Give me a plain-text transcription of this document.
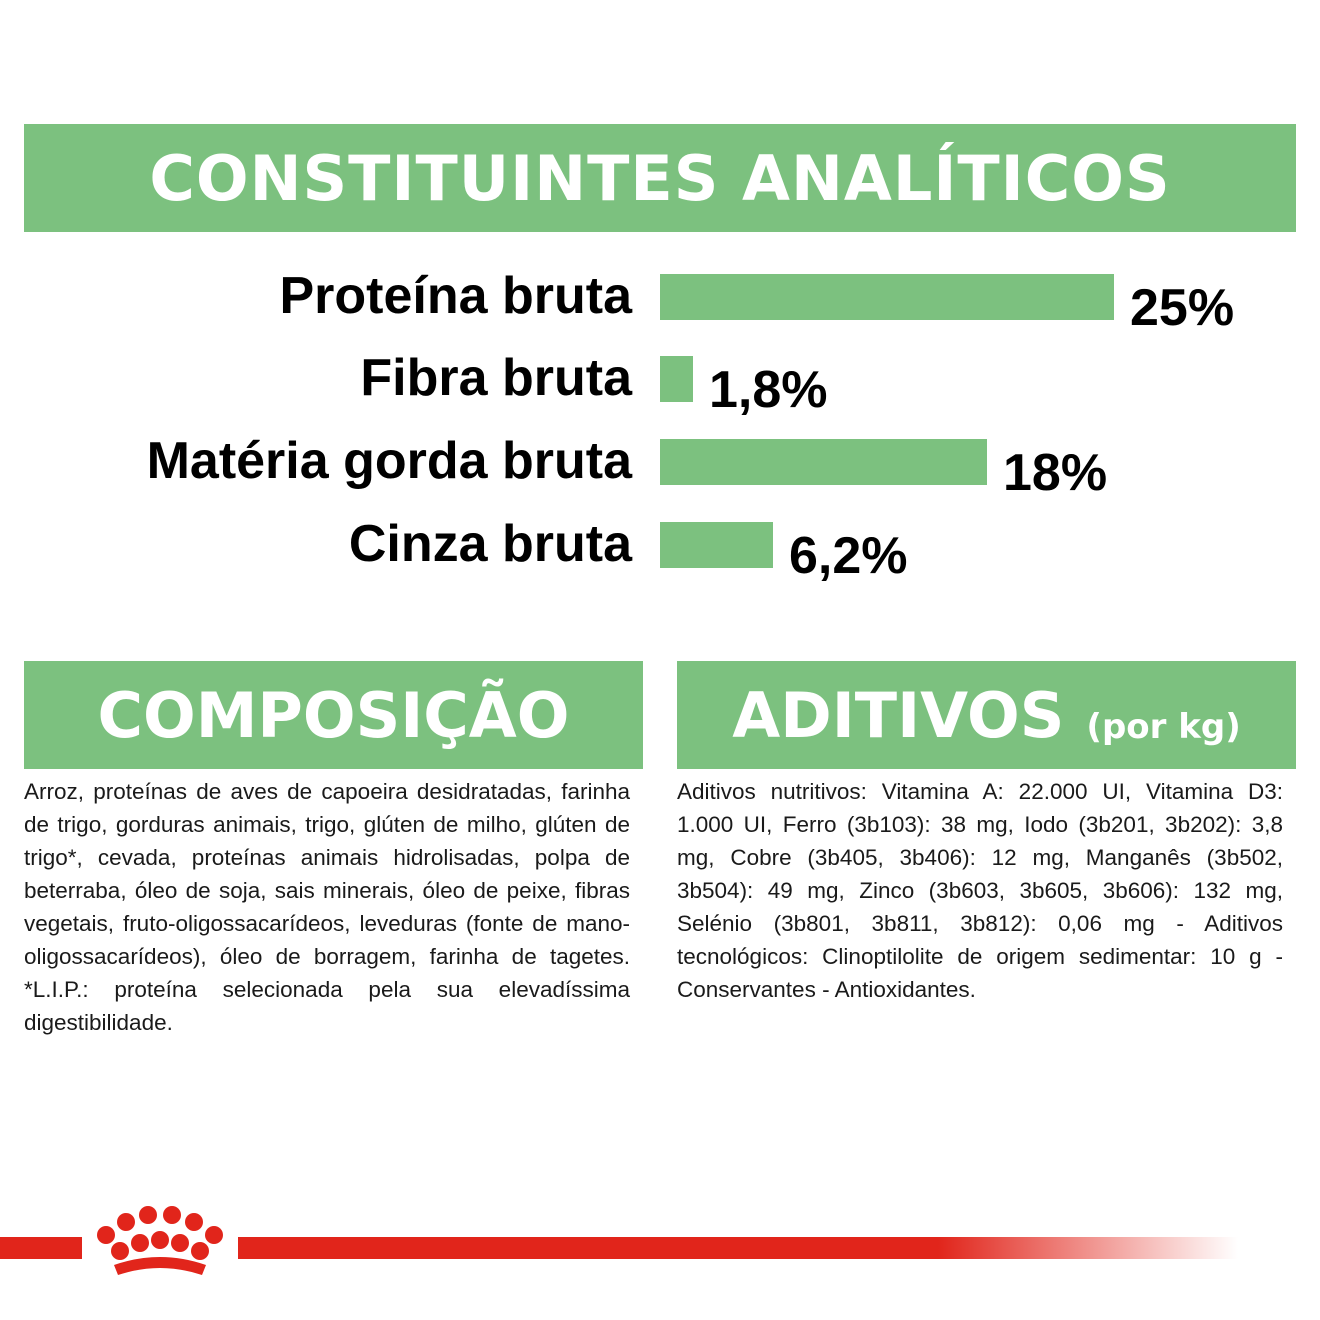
CONSTITUINTES ANALÍTICOS
Proteína bruta	25%
Fibra bruta 1,8%
Matéria gorda bruta	18%
Cinza bruta	6,2%
COMPOSIÇÃO	ADITIVOS (por kg)

Arroz, proteínas de aves de capoeira desidratadas, farinha de trigo, gorduras animais, trigo, glúten de milho, glúten de trigo*, cevada, proteínas animais hidrolisadas, polpa de beterraba, óleo de soja, sais minerais, óleo de peixe, fibras vegetais, fruto-oligossacarídeos, leveduras (fonte de mano-oligossacarídeos), óleo de borragem, farinha de tagetes. *L.I.P.: proteína selecionada pela sua elevadíssima digestibilidade.

Aditivos nutritivos: Vitamina A: 22.000 UI, Vitamina D3: 1.000 UI, Ferro (3b103): 38 mg, Iodo (3b201, 3b202): 3,8 mg, Cobre (3b405, 3b406): 12 mg, Manganês (3b502, 3b504): 49 mg, Zinco (3b603, 3b605, 3b606): 132 mg, Selénio (3b801, 3b811, 3b812): 0,06 mg - Aditivos tecnológicos: Clinoptilolite de origem sedimentar: 10 g - Conservantes - Antioxidantes.
